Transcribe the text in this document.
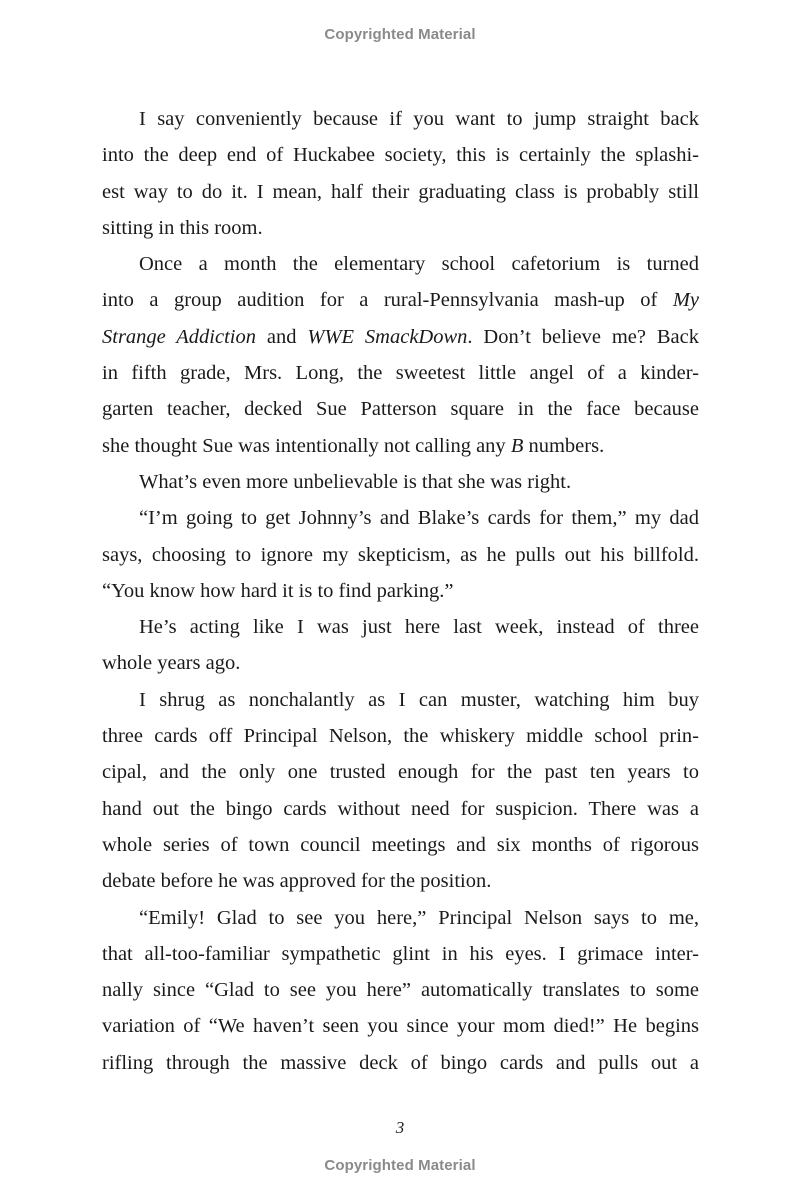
Copyrighted Material
I say conveniently because if you want to jump straight back
into the deep end of Huckabee society, this is certainly the splashi-
est way to do it. I mean, half their graduating class is probably still
sitting in this room.
Once a month the elementary school cafetorium is turned
into a group audition for a rural-Pennsylvania mash-up of My
Strange Addiction and WWE SmackDown. Don’t believe me? Back
in fifth grade, Mrs. Long, the sweetest little angel of a kinder-
garten teacher, decked Sue Patterson square in the face because
she thought Sue was intentionally not calling any B numbers.
What’s even more unbelievable is that she was right.
“I’m going to get Johnny’s and Blake’s cards for them,” my dad
says, choosing to ignore my skepticism, as he pulls out his billfold.
“You know how hard it is to find parking.”
He’s acting like I was just here last week, instead of three
whole years ago.
I shrug as nonchalantly as I can muster, watching him buy
three cards off Principal Nelson, the whiskery middle school prin-
cipal, and the only one trusted enough for the past ten years to
hand out the bingo cards without need for suspicion. There was a
whole series of town council meetings and six months of rigorous
debate before he was approved for the position.
“Emily! Glad to see you here,” Principal Nelson says to me,
that all-too-familiar sympathetic glint in his eyes. I grimace inter-
nally since “Glad to see you here” automatically translates to some
variation of “We haven’t seen you since your mom died!” He begins
rifling through the massive deck of bingo cards and pulls out a
3
Copyrighted Material
